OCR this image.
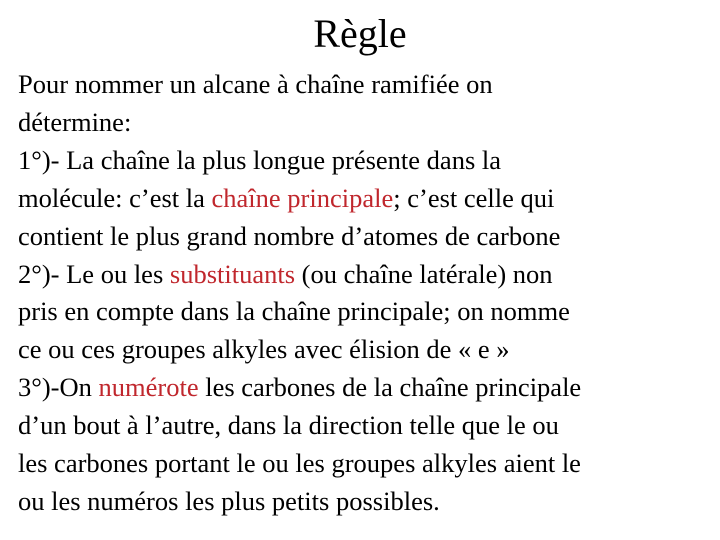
Règle
Pour nommer un alcane à chaîne ramifiée on
détermine:
1°)- La chaîne la plus longue présente dans la
molécule: c’est la chaîne principale; c’est celle qui
contient le plus grand nombre d’atomes de carbone
2°)- Le ou les substituants (ou chaîne latérale) non
pris en compte dans la chaîne principale; on nomme
ce ou ces groupes alkyles avec élision de « e »
3°)-On numérote les carbones de la chaîne principale
d’un bout à l’autre, dans la direction telle que le ou
les carbones portant le ou les groupes alkyles aient le
ou les numéros les plus petits possibles.
